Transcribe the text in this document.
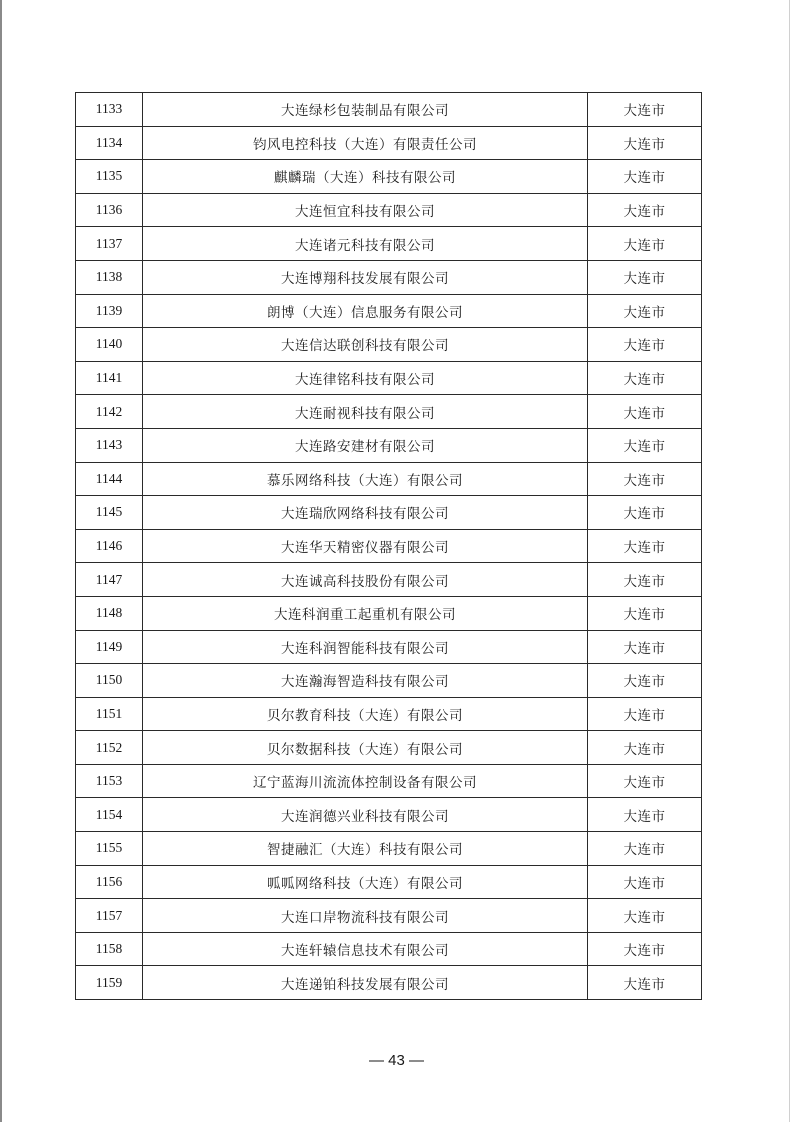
1133	大连绿杉包装制品有限公司	大连市
1134	钧风电控科技（大连）有限责任公司	大连市
1135	麒麟瑞（大连）科技有限公司	大连市
1136	大连恒宜科技有限公司	大连市
1137	大连诸元科技有限公司	大连市
1138	大连博翔科技发展有限公司	大连市
1139	朗博（大连）信息服务有限公司	大连市
1140	大连信达联创科技有限公司	大连市
1141	大连律铭科技有限公司	大连市
1142	大连耐视科技有限公司	大连市
1143	大连路安建材有限公司	大连市
1144	慕乐网络科技（大连）有限公司	大连市
1145	大连瑞欣网络科技有限公司	大连市
1146	大连华天精密仪器有限公司	大连市
1147	大连诚高科技股份有限公司	大连市
1148	大连科润重工起重机有限公司	大连市
1149	大连科润智能科技有限公司	大连市
1150	大连瀚海智造科技有限公司	大连市
1151	贝尔教育科技（大连）有限公司	大连市
1152	贝尔数据科技（大连）有限公司	大连市
1153	辽宁蓝海川流流体控制设备有限公司	大连市
1154	大连润德兴业科技有限公司	大连市
1155	智捷融汇（大连）科技有限公司	大连市
1156	呱呱网络科技（大连）有限公司	大连市
1157	大连口岸物流科技有限公司	大连市
1158	大连轩辕信息技术有限公司	大连市
1159	大连递铂科技发展有限公司	大连市
— 43 —
